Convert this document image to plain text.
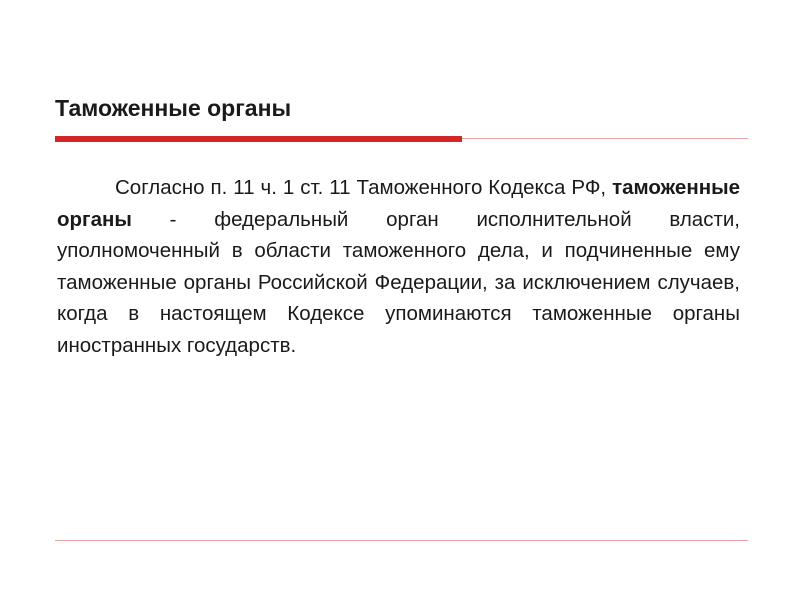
Таможенные органы

Согласно п. 11 ч. 1 ст. 11 Таможенного Кодекса РФ, таможенные органы - федеральный орган исполнительной власти, уполномоченный в области таможенного дела, и подчиненные ему таможенные органы Российской Федерации, за исключением случаев, когда в настоящем Кодексе упоминаются таможенные органы иностранных государств.
